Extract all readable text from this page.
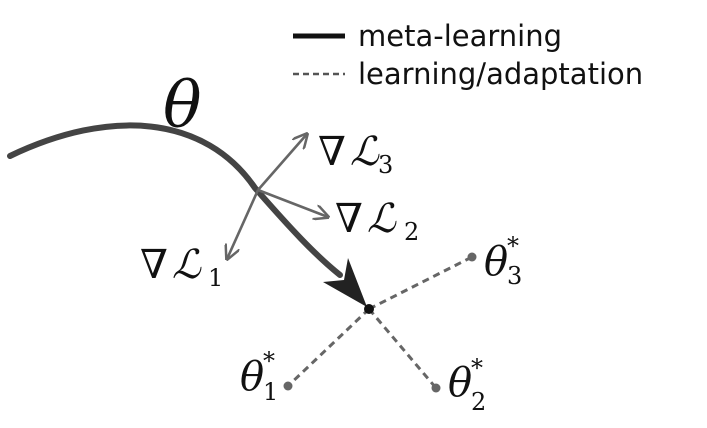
meta-learning
learning/adaptation
θ
∇ ℒ 3
∇ ℒ 2
∇ ℒ 1	θ
*
3
θ
*
1	θ
*
2
